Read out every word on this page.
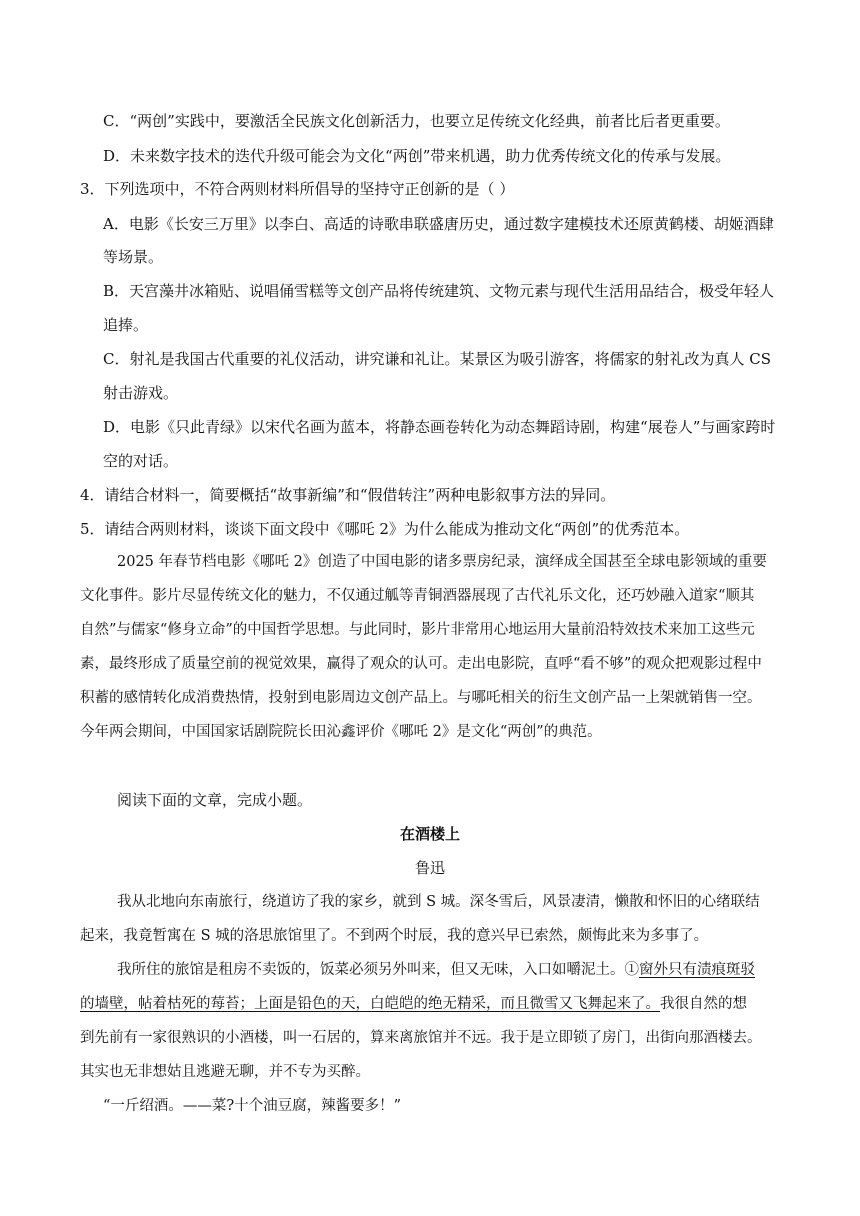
C．“两创”实践中，要激活全民族文化创新活力，也要立足传统文化经典，前者比后者更重要。
D．未来数字技术的迭代升级可能会为文化“两创”带来机遇，助力优秀传统文化的传承与发展。
3．下列选项中，不符合两则材料所倡导的坚持守正创新的是（ ）
A．电影《长安三万里》以李白、高适的诗歌串联盛唐历史，通过数字建模技术还原黄鹤楼、胡姬酒肆
等场景。
B．天宫藻井冰箱贴、说唱俑雪糕等文创产品将传统建筑、文物元素与现代生活用品结合，极受年轻人
追捧。
C．射礼是我国古代重要的礼仪活动，讲究谦和礼让。某景区为吸引游客，将儒家的射礼改为真人 CS
射击游戏。
D．电影《只此青绿》以宋代名画为蓝本，将静态画卷转化为动态舞蹈诗剧，构建“展卷人”与画家跨时
空的对话。
4．请结合材料一，简要概括“故事新编”和“假借转注”两种电影叙事方法的异同。
5．请结合两则材料，谈谈下面文段中《哪吒 2》为什么能成为推动文化“两创”的优秀范本。
2025 年春节档电影《哪吒 2》创造了中国电影的诸多票房纪录，演绎成全国甚至全球电影领域的重要
文化事件。影片尽显传统文化的魅力，不仅通过觚等青铜酒器展现了古代礼乐文化，还巧妙融入道家“顺其
自然”与儒家“修身立命”的中国哲学思想。与此同时，影片非常用心地运用大量前沿特效技术来加工这些元
素，最终形成了质量空前的视觉效果，赢得了观众的认可。走出电影院，直呼“看不够”的观众把观影过程中
积蓄的感情转化成消费热情，投射到电影周边文创产品上。与哪吒相关的衍生文创产品一上架就销售一空。
今年两会期间，中国国家话剧院院长田沁鑫评价《哪吒 2》是文化“两创”的典范。
阅读下面的文章，完成小题。
在酒楼上
鲁迅
我从北地向东南旅行，绕道访了我的家乡，就到 S 城。深冬雪后，风景凄清，懒散和怀旧的心绪联结
起来，我竟暂寓在 S 城的洛思旅馆里了。不到两个时辰，我的意兴早已索然，颇悔此来为多事了。
我所住的旅馆是租房不卖饭的，饭菜必须另外叫来，但又无味，入口如嚼泥土。①窗外只有渍痕斑驳
的墙壁，帖着枯死的莓苔；上面是铅色的天，白皑皑的绝无精采，而且微雪又飞舞起来了。我很自然的想
到先前有一家很熟识的小酒楼，叫一石居的，算来离旅馆并不远。我于是立即锁了房门，出街向那酒楼去。
其实也无非想姑且逃避无聊，并不专为买醉。
“一斤绍酒。——菜?十个油豆腐，辣酱要多！”
